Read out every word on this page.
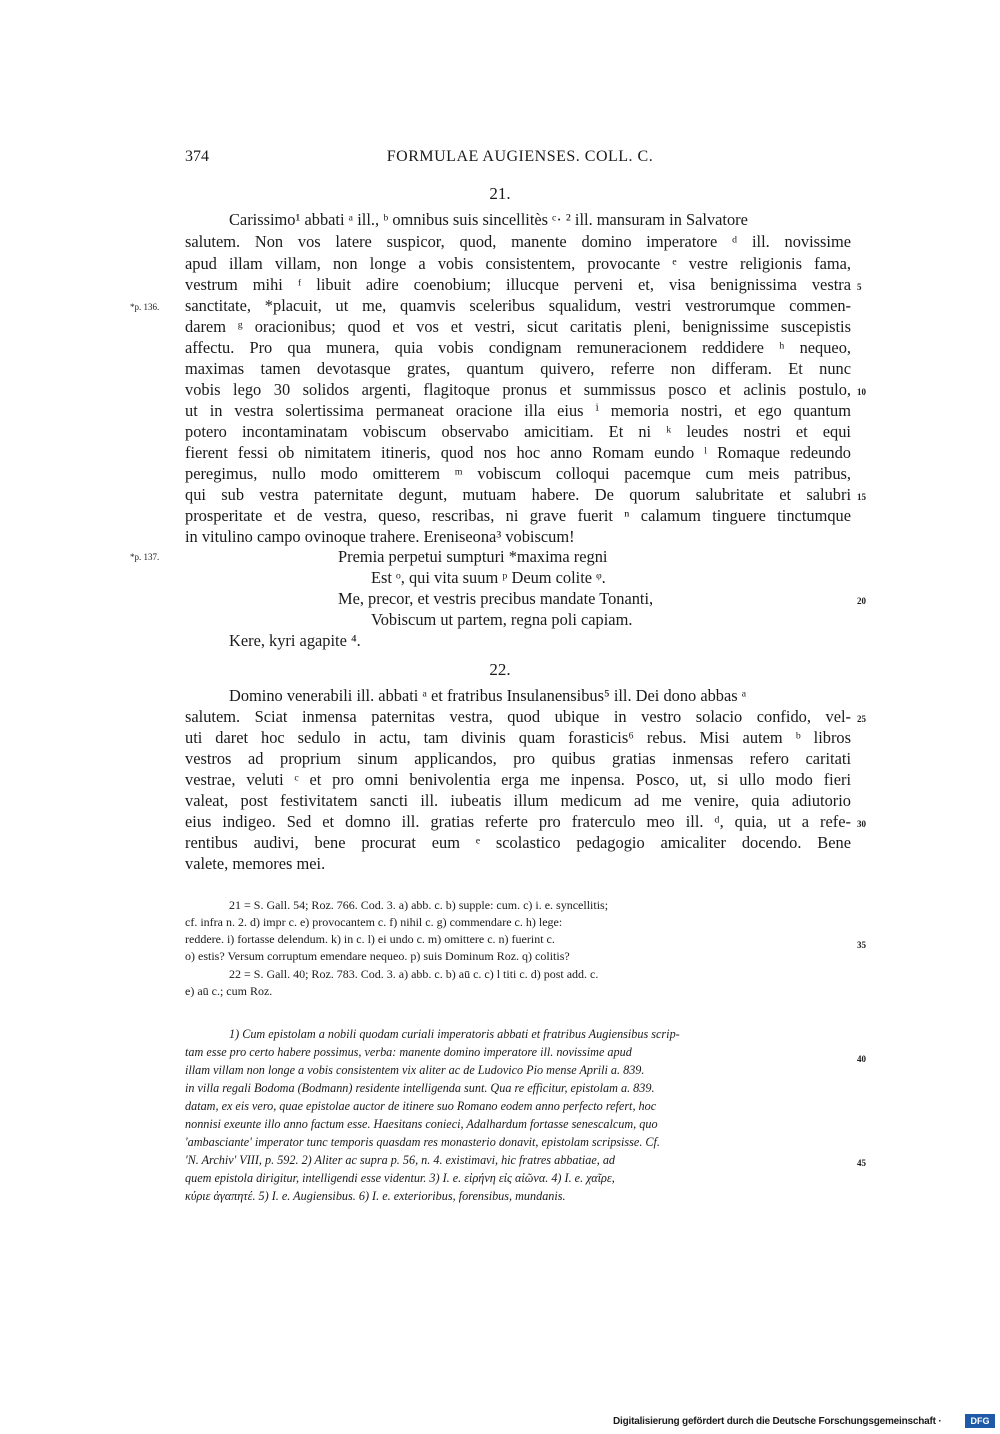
374	FORMULAE AUGIENSES. COLL. C.
21.
Carissimo¹ abbati ᵃ ill., ᵇ omnibus suis sincellitès ᶜ· ² ill. mansuram in Salvatore
salutem. Non vos latere suspicor, quod, manente domino imperatore ᵈ ill. novissime
apud illam villam, non longe a vobis consistentem, provocante ᵉ vestre religionis fama,
vestrum mihi ᶠ libuit adire coenobium; illucque perveni et, visa benignissima vestra
sanctitate, *placuit, ut me, quamvis sceleribus squalidum, vestri vestrorumque commen-
darem ᵍ oracionibus; quod et vos et vestri, sicut caritatis pleni, benignissime suscepistis
affectu. Pro qua munera, quia vobis condignam remuneracionem reddidere ʰ nequeo,
maximas tamen devotasque grates, quantum quivero, referre non differam. Et nunc
vobis lego 30 solidos argenti, flagitoque pronus et summissus posco et aclinis postulo,
ut in vestra solertissima permaneat oracione illa eius ⁱ memoria nostri, et ego quantum
potero incontaminatam vobiscum observabo amicitiam. Et ni ᵏ leudes nostri et equi
fierent fessi ob nimitatem itineris, quod nos hoc anno Romam eundo ˡ Romaque redeundo
peregimus, nullo modo omitterem ᵐ vobiscum colloqui pacemque cum meis patribus,
qui sub vestra paternitate degunt, mutuam habere. De quorum salubritate et salubri
prosperitate et de vestra, queso, rescribas, ni grave fuerit ⁿ calamum tinguere tinctumque
in vitulino campo ovinoque trahere. Ereniseona³ vobiscum!
Premia perpetui sumpturi *maxima regni
Est ᵒ, qui vita suum ᵖ Deum colite ᵠ.
Me, precor, et vestris precibus mandate Tonanti,
Vobiscum ut partem, regna poli capiam.
Kere, kyri agapite ⁴.
22.
Domino venerabili ill. abbati ᵃ et fratribus Insulanensibus⁵ ill. Dei dono abbas ᵃ
salutem. Sciat inmensa paternitas vestra, quod ubique in vestro solacio confido, vel-
uti daret hoc sedulo in actu, tam divinis quam forasticis⁶ rebus. Misi autem ᵇ libros
vestros ad proprium sinum applicandos, pro quibus gratias inmensas refero caritati
vestrae, veluti ᶜ et pro omni benivolentia erga me inpensa. Posco, ut, si ullo modo fieri
valeat, post festivitatem sancti ill. iubeatis illum medicum ad me venire, quia adiutorio
eius indigeo. Sed et domno ill. gratias referte pro fraterculo meo ill. ᵈ, quia, ut a refe-
rentibus audivi, bene procurat eum ᵉ scolastico pedagogio amicaliter docendo. Bene
valete, memores mei.
5
10
15
20
25
30
35
40
45
*p. 136.
*p. 137.
21 = S. Gall. 54; Roz. 766. Cod. 3. a) abb. c. b) supple: cum. c) i. e. syncellitis;
cf. infra n. 2. d) impr c. e) provocantem c. f) nihil c. g) commendare c. h) lege:
reddere. i) fortasse delendum. k) in c. l) ei undo c. m) omittere c. n) fuerint c.
o) estis? Versum corruptum emendare nequeo. p) suis Dominum Roz. q) colitis?
22 = S. Gall. 40; Roz. 783. Cod. 3. a) abb. c. b) aū c. c) l titi c. d) post add. c.
e) aū c.; cum Roz.
1) Cum epistolam a nobili quodam curiali imperatoris abbati et fratribus Augiensibus scrip-
tam esse pro certo habere possimus, verba: manente domino imperatore ill. novissime apud
illam villam non longe a vobis consistentem vix aliter ac de Ludovico Pio mense Aprili a. 839.
in villa regali Bodoma (Bodmann) residente intelligenda sunt. Qua re efficitur, epistolam a. 839.
datam, ex eis vero, quae epistolae auctor de itinere suo Romano eodem anno perfecto refert, hoc
nonnisi exeunte illo anno factum esse. Haesitans conieci, Adalhardum fortasse senescalcum, quo
'ambasciante' imperator tunc temporis quasdam res monasterio donavit, epistolam scripsisse. Cf.
'N. Archiv' VIII, p. 592. 2) Aliter ac supra p. 56, n. 4. existimavi, hic fratres abbatiae, ad
quem epistola dirigitur, intelligendi esse videntur. 3) I. e. εἰρήνη εἰς αἰῶνα. 4) I. e. χαῖρε,
κύριε ἀγαπητέ. 5) I. e. Augiensibus. 6) I. e. exterioribus, forensibus, mundanis.
Digitalisierung gefördert durch die Deutsche Forschungsgemeinschaft ·	DFG
